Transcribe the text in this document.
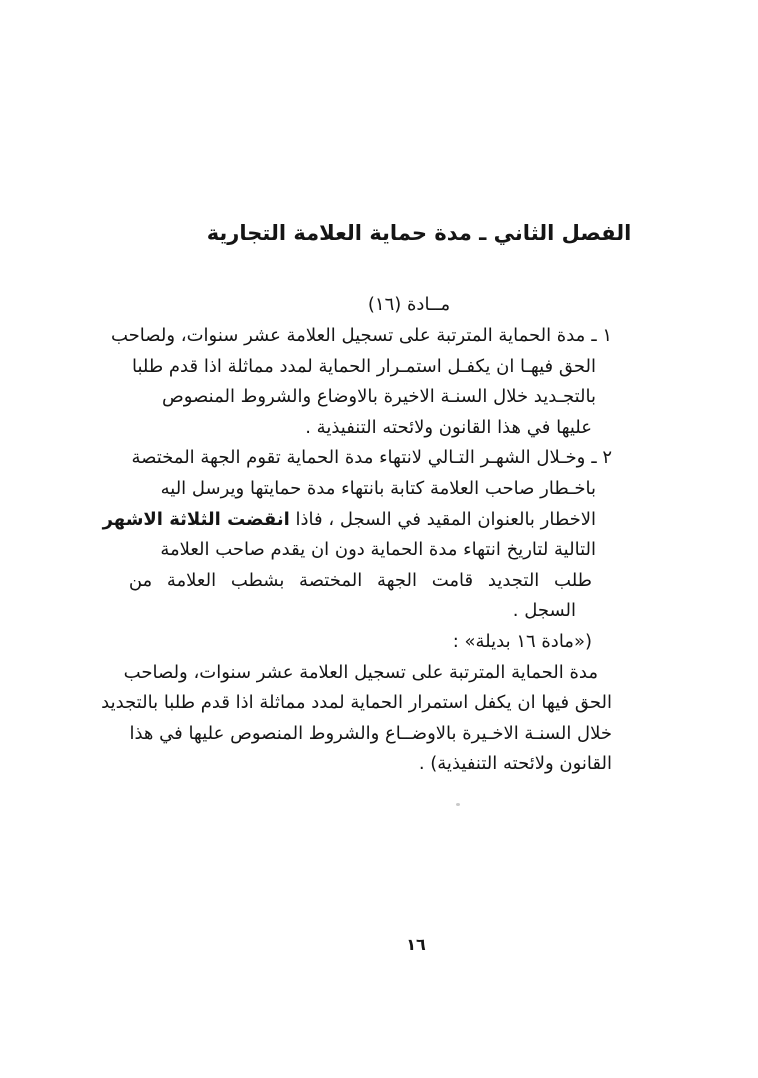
الفصل الثاني ـ مدة حماية العلامة التجارية
مــادة (١٦)
١ ـمدة الحماية المترتبة على تسجيل العلامة عشر سنوات، ولصاحب
الحق فيهـا ان يكفـل استمـرار الحماية لمدد مماثلة اذا قدم طلبا
بالتجـديد خلال السنـة الاخيرة بالاوضاع والشروط المنصوص
عليها في هذا القانون ولائحته التنفيذية .
٢ ـوخـلال الشهـر التـالي لانتهاء مدة الحماية تقوم الجهة المختصة
باخـطار صاحب العلامة كتابة بانتهاء مدة حمايتها ويرسل اليه
الاخطار بالعنوان المقيد في السجل ، فاذا انقضت الثلاثة الاشهر
التالية لتاريخ انتهاء مدة الحماية دون ان يقدم صاحب العلامة
طلب التجديد قامت الجهة المختصة بشطب العلامة من
السجل .
(«مادة ١٦ بديلة» :
مدة الحماية المترتبة على تسجيل العلامة عشر سنوات، ولصاحب
الحق فيها ان يكفل استمرار الحماية لمدد مماثلة اذا قدم طلبا بالتجديد
خلال السنـة الاخـيرة بالاوضــاع والشروط المنصوص عليها في هذا
القانون ولائحته التنفيذية) .
١٦
